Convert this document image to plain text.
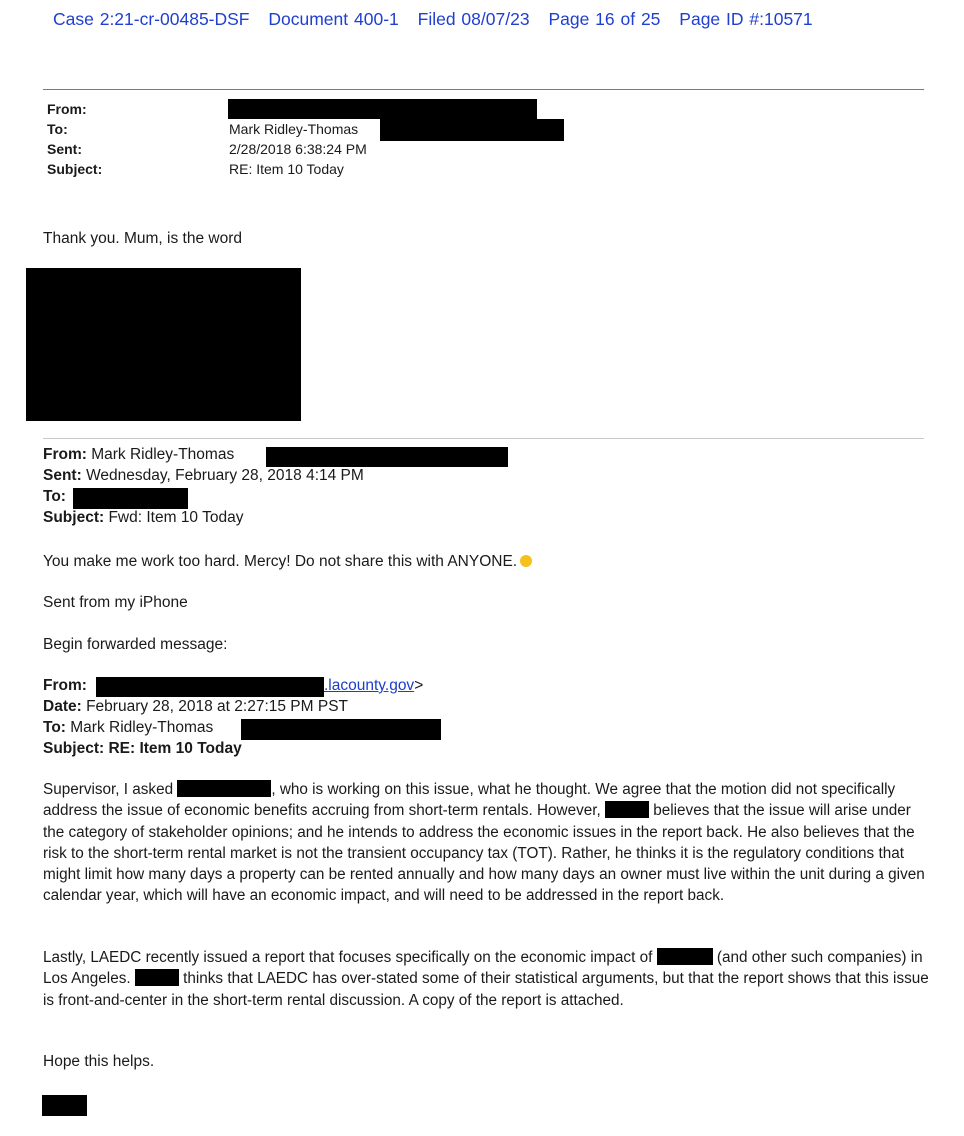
Case 2:21-cr-00485-DSF Document 400-1 Filed 08/07/23 Page 16 of 25 Page ID #:10571
From:
To:	Mark Ridley-Thomas
Sent:	2/28/2018 6:38:24 PM
Subject:	RE: Item 10 Today
Thank you. Mum, is the word
From: Mark Ridley-Thomas
Sent: Wednesday, February 28, 2018 4:14 PM
To:
Subject: Fwd: Item 10 Today
You make me work too hard. Mercy! Do not share this with ANYONE.
Sent from my iPhone
Begin forwarded message:
From:	.lacounty.gov>
Date: February 28, 2018 at 2:27:15 PM PST
To: Mark Ridley-Thomas
Subject: RE: Item 10 Today

Supervisor, I asked	, who is working on this issue, what he thought. We agree that the motion did not specifically address the issue of economic benefits accruing from short-term rentals. However,	believes that the issue will arise under the category of stakeholder opinions; and he intends to address the economic issues in the report back. He also believes that the risk to the short-term rental market is not the transient occupancy tax (TOT). Rather, he thinks it is the regulatory conditions that might limit how many days a property can be rented annually and how many days an owner must live within the unit during a given calendar year, which will have an economic impact, and will need to be addressed in the report back.

Lastly, LAEDC recently issued a report that focuses specifically on the economic impact of	(and other such companies) in Los Angeles.	thinks that LAEDC has over-stated some of their statistical arguments, but that the report shows that this issue is front-and-center in the short-term rental discussion. A copy of the report is attached.

Hope this helps.
